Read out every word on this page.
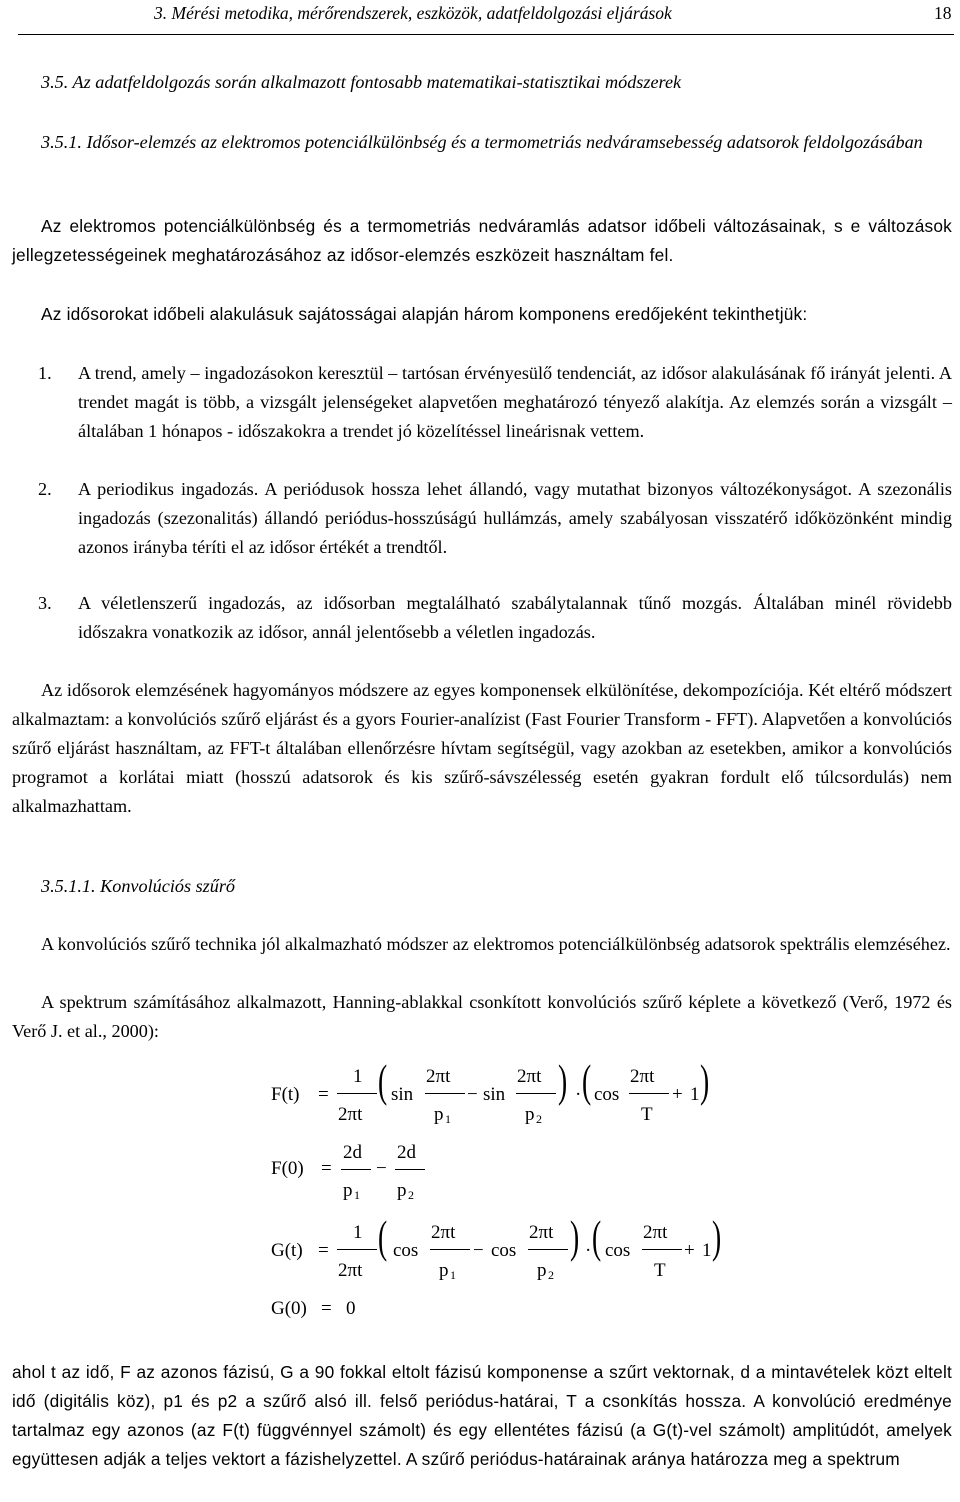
3. Mérési metodika, mérőrendszerek, eszközök, adatfeldolgozási eljárások	18
3.5. Az adatfeldolgozás során alkalmazott fontosabb matematikai-statisztikai módszerek
3.5.1. Idősor-elemzés az elektromos potenciálkülönbség és a termometriás nedváramsebesség adatsorok feldolgozásában
Az elektromos potenciálkülönbség és a termometriás nedváramlás adatsor időbeli változásainak, s e változások jellegzetességeinek meghatározásához az idősor-elemzés eszközeit használtam fel.
Az idősorokat időbeli alakulásuk sajátosságai alapján három komponens eredőjeként tekinthetjük:
1.	A trend, amely – ingadozásokon keresztül – tartósan érvényesülő tendenciát, az idősor alakulásának fő irányát jelenti. A trendet magát is több, a vizsgált jelenségeket alapvetően meghatározó tényező alakítja. Az elemzés során a vizsgált – általában 1 hónapos - időszakokra a trendet jó közelítéssel lineárisnak vettem.
2.	A periodikus ingadozás. A periódusok hossza lehet állandó, vagy mutathat bizonyos változékonyságot. A szezonális ingadozás (szezonalitás) állandó periódus-hosszúságú hullámzás, amely szabályosan visszatérő időközönként mindig azonos irányba téríti el az idősor értékét a trendtől.
3.	A véletlenszerű ingadozás, az idősorban megtalálható szabálytalannak tűnő mozgás. Általában minél rövidebb időszakra vonatkozik az idősor, annál jelentősebb a véletlen ingadozás.
Az idősorok elemzésének hagyományos módszere az egyes komponensek elkülönítése, dekompozíciója. Két eltérő módszert alkalmaztam: a konvolúciós szűrő eljárást és a gyors Fourier-analízist (Fast Fourier Transform - FFT). Alapvetően a konvolúciós szűrő eljárást használtam, az FFT-t általában ellenőrzésre hívtam segítségül, vagy azokban az esetekben, amikor a konvolúciós programot a korlátai miatt (hosszú adatsorok és kis szűrő-sávszélesség esetén gyakran fordult elő túlcsordulás) nem alkalmazhattam.
3.5.1.1. Konvolúciós szűrő
A konvolúciós szűrő technika jól alkalmazható módszer az elektromos potenciálkülönbség adatsorok spektrális elemzéséhez.
A spektrum számításához alkalmazott, Hanning-ablakkal csonkított konvolúciós szűrő képlete a következő (Verő, 1972 és Verő J. et al., 2000):
F(t) =
1
2πt
( sin
2πt
p 1
− sin
2πt
p 2
) · ( cos
2πt
T
+ 1 )
F(0) =
2d
p 1
−
2d
p 2
G(t) =
1
2πt
( cos
2πt
p 1
− cos
2πt
p 2
) · ( cos
2πt
T
+ 1 )
G(0) = 0
ahol t az idő, F az azonos fázisú, G a 90 fokkal eltolt fázisú komponense a szűrt vektornak, d a mintavételek közt eltelt idő (digitális köz), p1 és p2 a szűrő alsó ill. felső periódus-határai, T a csonkítás hossza. A konvolúció eredménye tartalmaz egy azonos (az F(t) függvénnyel számolt) és egy ellentétes fázisú (a G(t)-vel számolt) amplitúdót, amelyek együttesen adják a teljes vektort a fázishelyzettel. A szűrő periódus-határainak aránya határozza meg a spektrum
